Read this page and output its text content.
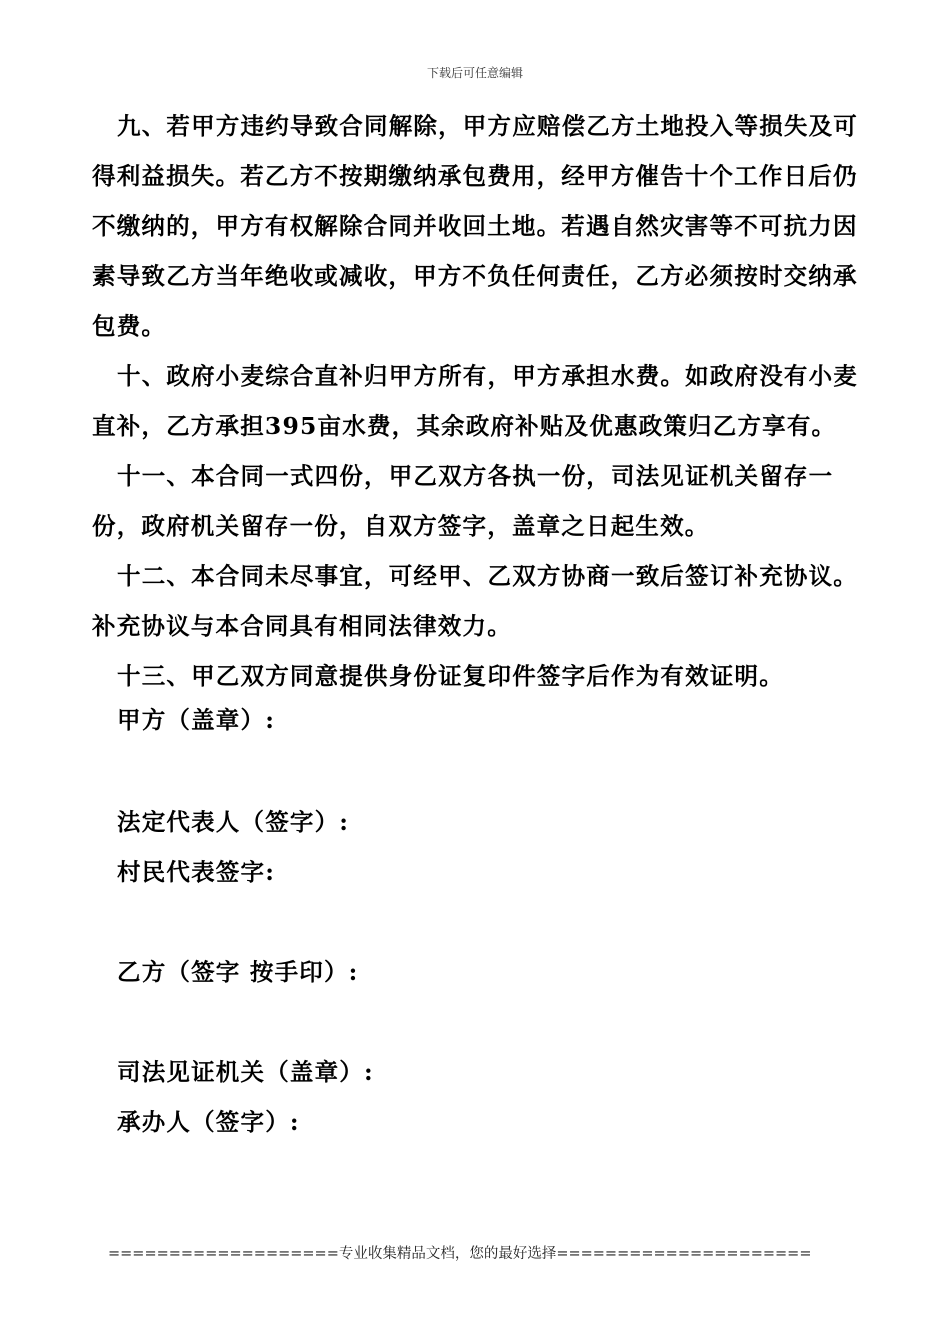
下载后可任意编辑

九、若甲方违约导致合同解除，甲方应赔偿乙方土地投入等损失及可得利益损失。若乙方不按期缴纳承包费用，经甲方催告十个工作日后仍不缴纳的，甲方有权解除合同并收回土地。若遇自然灾害等不可抗力因素导致乙方当年绝收或减收，甲方不负任何责任，乙方必须按时交纳承包费。

十、政府小麦综合直补归甲方所有，甲方承担水费。如政府没有小麦直补，乙方承担395亩水费，其余政府补贴及优惠政策归乙方享有。

十一、本合同一式四份，甲乙双方各执一份，司法见证机关留存一份，政府机关留存一份，自双方签字，盖章之日起生效。

十二、本合同未尽事宜，可经甲、乙双方协商一致后签订补充协议。补充协议与本合同具有相同法律效力。

十三、甲乙双方同意提供身份证复印件签字后作为有效证明。

甲方（盖章）:
法定代表人（签字）:
村民代表签字:
乙方（签字 按手印）:
司法见证机关（盖章）:
承办人（签字）:
===================专业收集精品文档，您的最好选择=====================
